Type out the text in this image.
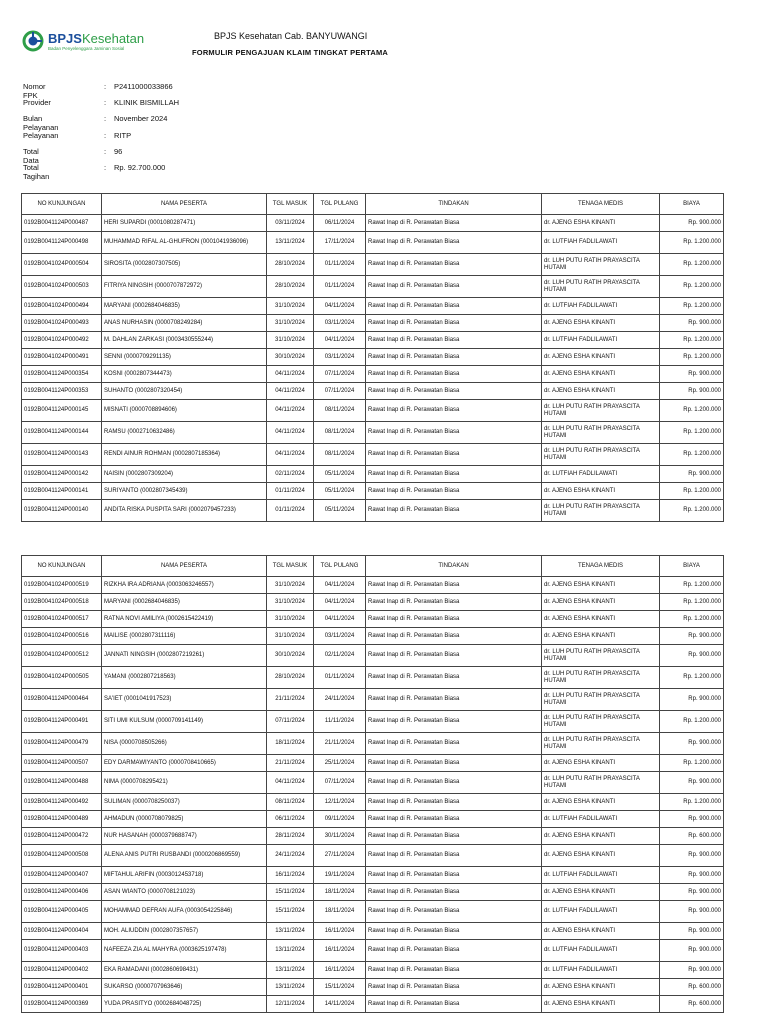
BPJSKesehatan
Badan Penyelenggara Jaminan Sosial
BPJS Kesehatan Cab. BANYUWANGI
FORMULIR PENGAJUAN KLAIM TINGKAT PERTAMA
Nomor FPK
: P2411000033866
Provider	: KLINIK BISMILLAH
Bulan Pelayanan
: November 2024
Pelayanan	: RITP
Total Data
: 96
Total Tagihan
: Rp. 92.700.000
NO KUNJUNGAN	NAMA PESERTA	TGL MASUK	TGL PULANG	TINDAKAN	TENAGA MEDIS	BIAYA
0192B0041124P000487	HERI SUPARDI (0001080287471)	03/11/2024	06/11/2024	Rawat Inap di R. Perawatan Biasa	dr. AJENG ESHA KINANTI	Rp. 900.000
0192B0041124P000498	MUHAMMAD RIFAL AL-GHUFRON (0001041936096)	13/11/2024	17/11/2024	Rawat Inap di R. Perawatan Biasa	dr. LUTFIAH FADLILAWATI	Rp. 1.200.000
0192B0041024P000504	SIROSITA (0002807307505)	28/10/2024	01/11/2024	Rawat Inap di R. Perawatan Biasa	dr. LUH PUTU RATIH PRAYASCITA HUTAMI	Rp. 1.200.000
0192B0041024P000503	FITRIYA NINGSIH (0000707872972)	28/10/2024	01/11/2024	Rawat Inap di R. Perawatan Biasa	dr. LUH PUTU RATIH PRAYASCITA HUTAMI	Rp. 1.200.000
0192B0041024P000494	MARYANI (0002684046835)	31/10/2024	04/11/2024	Rawat Inap di R. Perawatan Biasa	dr. LUTFIAH FADLILAWATI	Rp. 1.200.000
0192B0041024P000493	ANAS NURHASIN (0000708249284)	31/10/2024	03/11/2024	Rawat Inap di R. Perawatan Biasa	dr. AJENG ESHA KINANTI	Rp. 900.000
0192B0041024P000492	M. DAHLAN ZARKASI (0003430555244)	31/10/2024	04/11/2024	Rawat Inap di R. Perawatan Biasa	dr. LUTFIAH FADLILAWATI	Rp. 1.200.000
0192B0041024P000491	SENNI (0000709291135)	30/10/2024	03/11/2024	Rawat Inap di R. Perawatan Biasa	dr. AJENG ESHA KINANTI	Rp. 1.200.000
0192B0041124P000354	KOSNI (0002807344473)	04/11/2024	07/11/2024	Rawat Inap di R. Perawatan Biasa	dr. AJENG ESHA KINANTI	Rp. 900.000
0192B0041124P000353	SUHANTO (0002807320454)	04/11/2024	07/11/2024	Rawat Inap di R. Perawatan Biasa	dr. AJENG ESHA KINANTI	Rp. 900.000
0192B0041124P000145	MISNATI (0000708894606)	04/11/2024	08/11/2024	Rawat Inap di R. Perawatan Biasa	dr. LUH PUTU RATIH PRAYASCITA HUTAMI	Rp. 1.200.000
0192B0041124P000144	RAMSU (0002710632486)	04/11/2024	08/11/2024	Rawat Inap di R. Perawatan Biasa	dr. LUH PUTU RATIH PRAYASCITA HUTAMI	Rp. 1.200.000
0192B0041124P000143	RENDI AINUR ROHMAN (0002807185364)	04/11/2024	08/11/2024	Rawat Inap di R. Perawatan Biasa	dr. LUH PUTU RATIH PRAYASCITA HUTAMI	Rp. 1.200.000
0192B0041124P000142	NAISIN (0002807309204)	02/11/2024	05/11/2024	Rawat Inap di R. Perawatan Biasa	dr. LUTFIAH FADLILAWATI	Rp. 900.000
0192B0041124P000141	SURIYANTO (0002807345439)	01/11/2024	05/11/2024	Rawat Inap di R. Perawatan Biasa	dr. AJENG ESHA KINANTI	Rp. 1.200.000
0192B0041124P000140	ANDITA RISKA PUSPITA SARI (0002079457233)	01/11/2024	05/11/2024	Rawat Inap di R. Perawatan Biasa	dr. LUH PUTU RATIH PRAYASCITA HUTAMI	Rp. 1.200.000
NO KUNJUNGAN	NAMA PESERTA	TGL MASUK	TGL PULANG	TINDAKAN	TENAGA MEDIS	BIAYA
0192B0041024P000519	RIZKHA IRA ADRIANA (0003063246557)	31/10/2024	04/11/2024	Rawat Inap di R. Perawatan Biasa	dr. AJENG ESHA KINANTI	Rp. 1.200.000
0192B0041024P000518	MARYANI (0002684046835)	31/10/2024	04/11/2024	Rawat Inap di R. Perawatan Biasa	dr. AJENG ESHA KINANTI	Rp. 1.200.000
0192B0041024P000517	RATNA NOVI AMILIYA (0002615422419)	31/10/2024	04/11/2024	Rawat Inap di R. Perawatan Biasa	dr. AJENG ESHA KINANTI	Rp. 1.200.000
0192B0041024P000516	MAILISE (0002807311116)	31/10/2024	03/11/2024	Rawat Inap di R. Perawatan Biasa	dr. AJENG ESHA KINANTI	Rp. 900.000
0192B0041024P000512	JANNATI NINGSIH (0002807219261)	30/10/2024	02/11/2024	Rawat Inap di R. Perawatan Biasa	dr. LUH PUTU RATIH PRAYASCITA HUTAMI	Rp. 900.000
0192B0041024P000505	YAMANI (0002807218563)	28/10/2024	01/11/2024	Rawat Inap di R. Perawatan Biasa	dr. LUH PUTU RATIH PRAYASCITA HUTAMI	Rp. 1.200.000
0192B0041124P000464	SA'IET (0001041917523)	21/11/2024	24/11/2024	Rawat Inap di R. Perawatan Biasa	dr. LUH PUTU RATIH PRAYASCITA HUTAMI	Rp. 900.000
0192B0041124P000491	SITI UMI KULSUM (0000709141149)	07/11/2024	11/11/2024	Rawat Inap di R. Perawatan Biasa	dr. LUH PUTU RATIH PRAYASCITA HUTAMI	Rp. 1.200.000
0192B0041124P000479	NISA (0000708505266)	18/11/2024	21/11/2024	Rawat Inap di R. Perawatan Biasa	dr. LUH PUTU RATIH PRAYASCITA HUTAMI	Rp. 900.000
0192B0041124P000507	EDY DARMAWIYANTO (0000708410665)	21/11/2024	25/11/2024	Rawat Inap di R. Perawatan Biasa	dr. AJENG ESHA KINANTI	Rp. 1.200.000
0192B0041124P000488	NIMA (0000708295421)	04/11/2024	07/11/2024	Rawat Inap di R. Perawatan Biasa	dr. LUH PUTU RATIH PRAYASCITA HUTAMI	Rp. 900.000
0192B0041124P000492	SULIMAN (0000708250037)	08/11/2024	12/11/2024	Rawat Inap di R. Perawatan Biasa	dr. AJENG ESHA KINANTI	Rp. 1.200.000
0192B0041124P000489	AHMADUN (0000708079825)	06/11/2024	09/11/2024	Rawat Inap di R. Perawatan Biasa	dr. LUTFIAH FADLILAWATI	Rp. 900.000
0192B0041124P000472	NUR HASANAH (0000379688747)	28/11/2024	30/11/2024	Rawat Inap di R. Perawatan Biasa	dr. AJENG ESHA KINANTI	Rp. 600.000
0192B0041124P000508	ALENA ANIS PUTRI RUSBANDI (0000206869559)	24/11/2024	27/11/2024	Rawat Inap di R. Perawatan Biasa	dr. AJENG ESHA KINANTI	Rp. 900.000
0192B0041124P000407	MIFTAHUL ARIFIN (0003012453718)	16/11/2024	19/11/2024	Rawat Inap di R. Perawatan Biasa	dr. LUTFIAH FADLILAWATI	Rp. 900.000
0192B0041124P000406	ASAN WIANTO (0000708121023)	15/11/2024	18/11/2024	Rawat Inap di R. Perawatan Biasa	dr. AJENG ESHA KINANTI	Rp. 900.000
0192B0041124P000405	MOHAMMAD DEFRAN AUFA (0003054225846)	15/11/2024	18/11/2024	Rawat Inap di R. Perawatan Biasa	dr. LUTFIAH FADLILAWATI	Rp. 900.000
0192B0041124P000404	MOH. ALIUDDIN (0002807357657)	13/11/2024	16/11/2024	Rawat Inap di R. Perawatan Biasa	dr. AJENG ESHA KINANTI	Rp. 900.000
0192B0041124P000403	NAFEEZA ZIA AL MAHYRA (0003625197478)	13/11/2024	16/11/2024	Rawat Inap di R. Perawatan Biasa	dr. LUTFIAH FADLILAWATI	Rp. 900.000
0192B0041124P000402	EKA RAMADANI (0002860698431)	13/11/2024	16/11/2024	Rawat Inap di R. Perawatan Biasa	dr. LUTFIAH FADLILAWATI	Rp. 900.000
0192B0041124P000401	SUKARSO (0000707963646)	13/11/2024	15/11/2024	Rawat Inap di R. Perawatan Biasa	dr. AJENG ESHA KINANTI	Rp. 600.000
0192B0041124P000369	YUDA PRASITYO (0002684048725)	12/11/2024	14/11/2024	Rawat Inap di R. Perawatan Biasa	dr. AJENG ESHA KINANTI	Rp. 600.000
